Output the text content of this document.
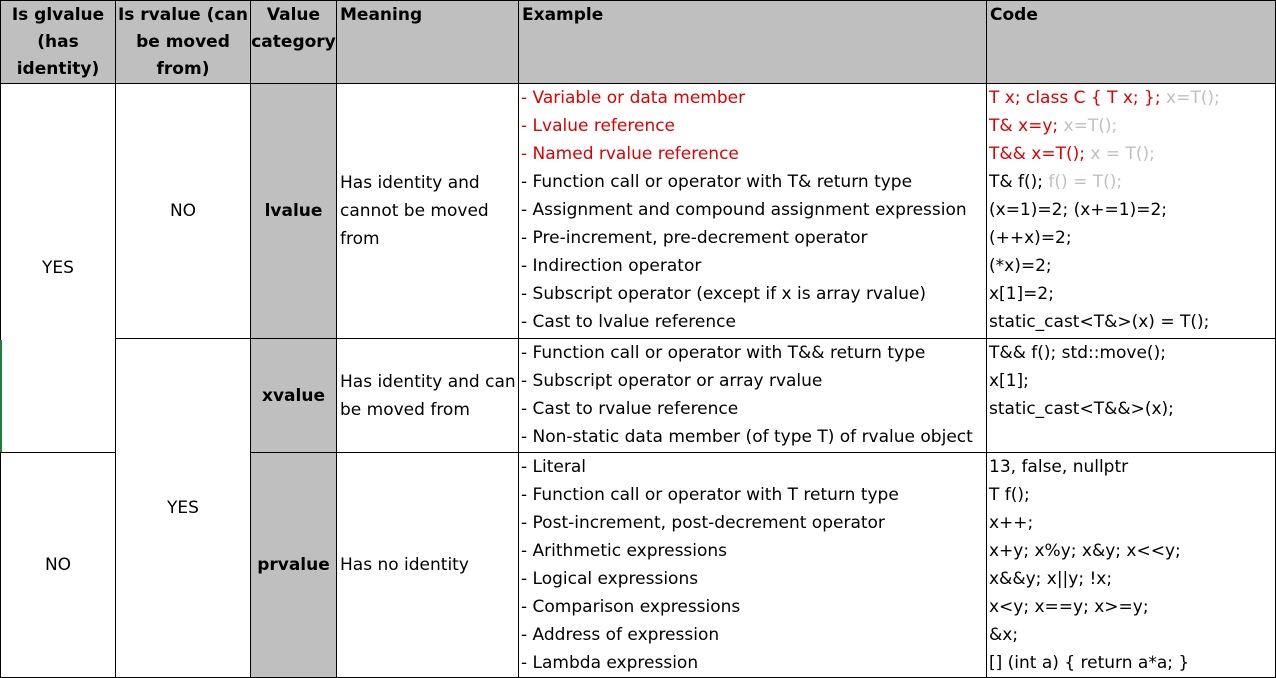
Is glvalue (has identity)
Is rvalue (can be moved from)
Value category
Meaning	Example	Code
YES
NO
NO
YES
lvalue
Has identity and cannot be moved from
- Variable or data member
- Lvalue reference
- Named rvalue reference
- Function call or operator with T& return type
- Assignment and compound assignment expression
- Pre-increment, pre-decrement operator
- Indirection operator
- Subscript operator (except if x is array rvalue)
- Cast to lvalue reference
T x; class C { T x; }; x=T();
T& x=y; x=T();
T&& x=T(); x = T();
T& f(); f() = T();
(x=1)=2; (x+=1)=2;
(++x)=2;
(*x)=2;
x[1]=2;
static_cast<T&>(x) = T();
xvalue
Has identity and can be moved from
- Function call or operator with T&& return type
- Subscript operator or array rvalue
- Cast to rvalue reference
- Non-static data member (of type T) of rvalue object
T&& f(); std::move();
x[1];
static_cast<T&&>(x);
prvalue Has no identity
- Literal
- Function call or operator with T return type
- Post-increment, post-decrement operator
- Arithmetic expressions
- Logical expressions
- Comparison expressions
- Address of expression
- Lambda expression
13, false, nullptr
T f();
x++;
x+y; x%y; x&y; x<<y;
x&&y; x||y; !x;
x<y; x==y; x>=y;
&x;
[] (int a) { return a*a; }
